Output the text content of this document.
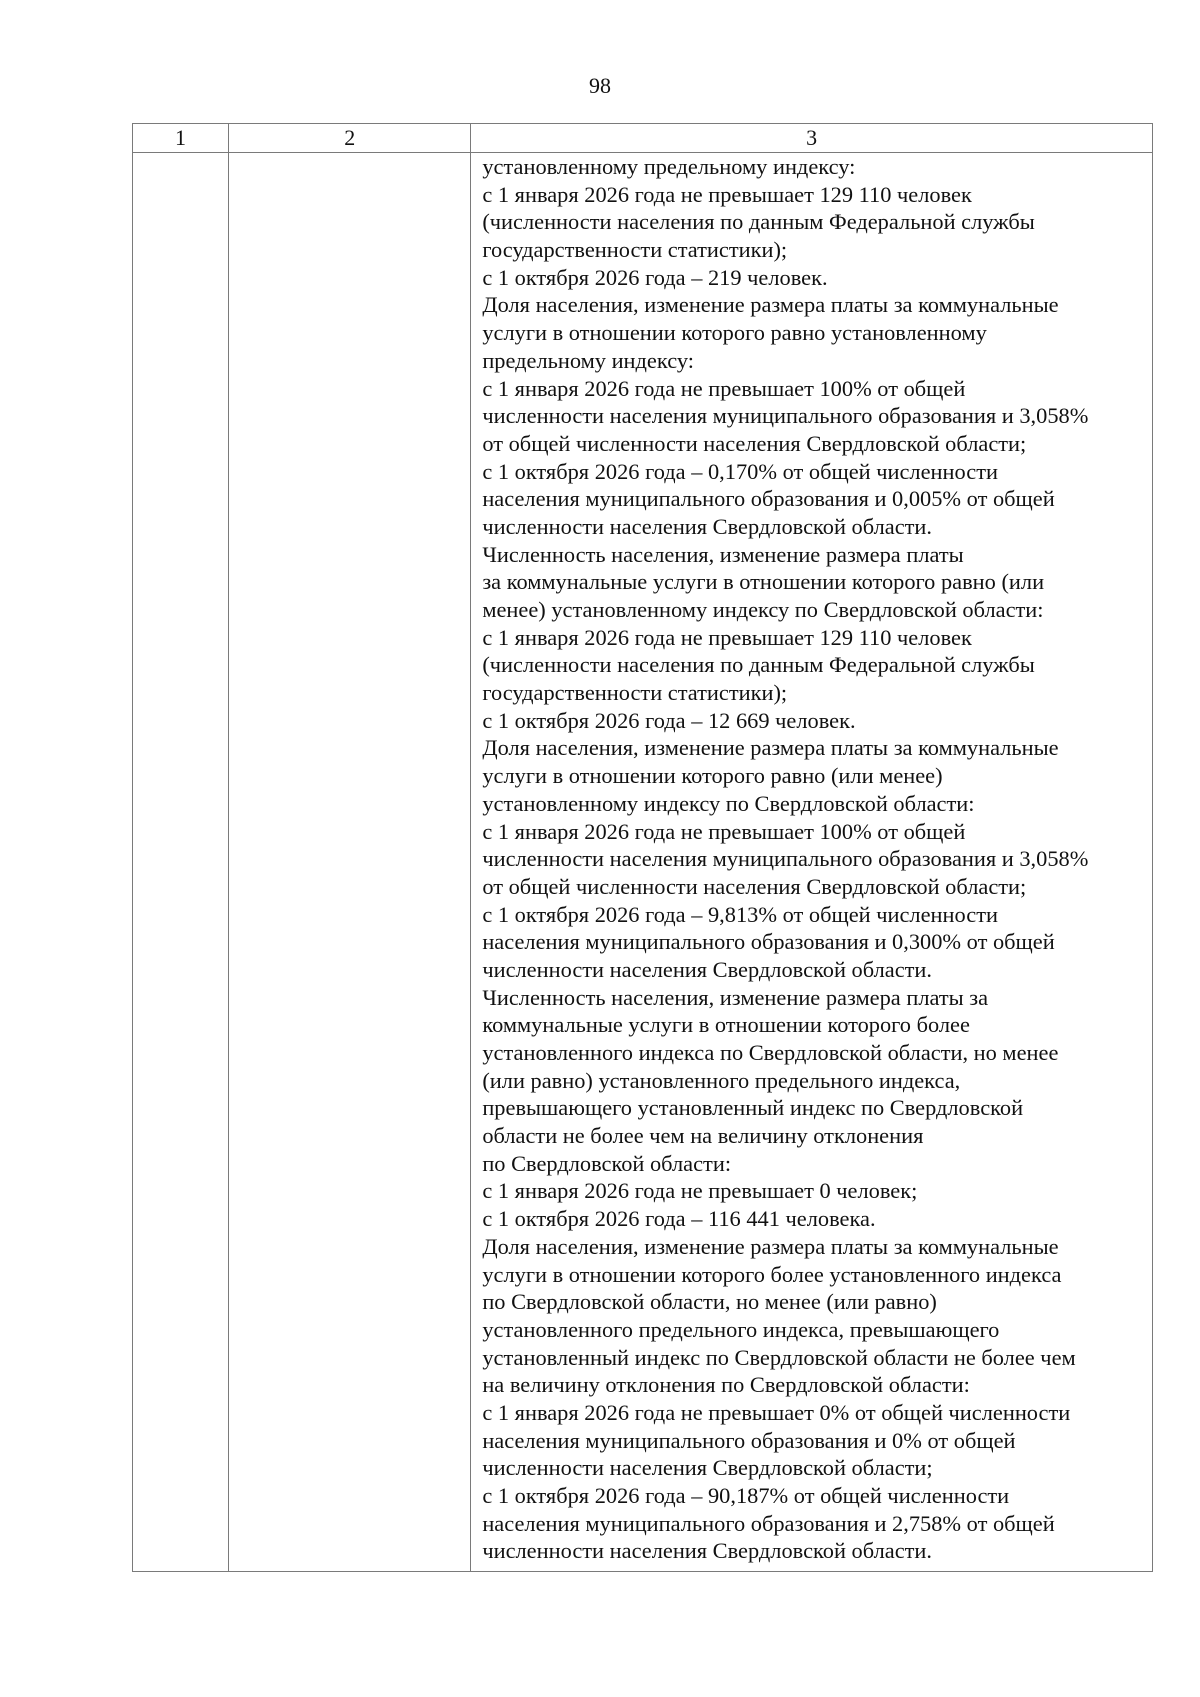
98
1	2	3

установленному предельному индексу:
с 1 января 2026 года не превышает 129 110 человек
(численности населения по данным Федеральной службы
государственности статистики);
с 1 октября 2026 года – 219 человек.
Доля населения, изменение размера платы за коммунальные
услуги в отношении которого равно установленному
предельному индексу:
с 1 января 2026 года не превышает 100% от общей
численности населения муниципального образования и 3,058%
от общей численности населения Свердловской области;
с 1 октября 2026 года – 0,170% от общей численности
населения муниципального образования и 0,005% от общей
численности населения Свердловской области.
Численность населения, изменение размера платы
за коммунальные услуги в отношении которого равно (или
менее) установленному индексу по Свердловской области:
с 1 января 2026 года не превышает 129 110 человек
(численности населения по данным Федеральной службы
государственности статистики);
с 1 октября 2026 года – 12 669 человек.
Доля населения, изменение размера платы за коммунальные
услуги в отношении которого равно (или менее)
установленному индексу по Свердловской области:
с 1 января 2026 года не превышает 100% от общей
численности населения муниципального образования и 3,058%
от общей численности населения Свердловской области;
с 1 октября 2026 года – 9,813% от общей численности
населения муниципального образования и 0,300% от общей
численности населения Свердловской области.
Численность населения, изменение размера платы за
коммунальные услуги в отношении которого более
установленного индекса по Свердловской области, но менее
(или равно) установленного предельного индекса,
превышающего установленный индекс по Свердловской
области не более чем на величину отклонения
по Свердловской области:
с 1 января 2026 года не превышает 0 человек;
с 1 октября 2026 года – 116 441 человека.
Доля населения, изменение размера платы за коммунальные
услуги в отношении которого более установленного индекса
по Свердловской области, но менее (или равно)
установленного предельного индекса, превышающего
установленный индекс по Свердловской области не более чем
на величину отклонения по Свердловской области:
с 1 января 2026 года не превышает 0% от общей численности
населения муниципального образования и 0% от общей
численности населения Свердловской области;
с 1 октября 2026 года – 90,187% от общей численности
населения муниципального образования и 2,758% от общей
численности населения Свердловской области.
